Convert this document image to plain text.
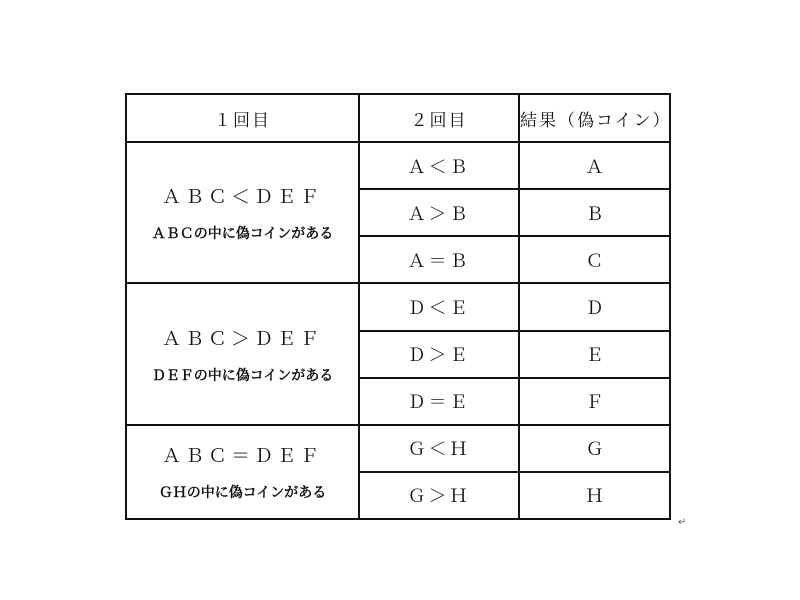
１回目	２回目	結果（偽コイン）

ＡＢＣ＜ＤＥＦ
ＡＢＣの中に偽コインがある	Ａ＜Ｂ	Ａ
	Ａ＞Ｂ	Ｂ
	Ａ＝Ｂ	Ｃ

ＡＢＣ＞ＤＥＦ
ＤＥＦの中に偽コインがある	Ｄ＜Ｅ	Ｄ
	Ｄ＞Ｅ	Ｅ
	Ｄ＝Ｅ	Ｆ

ＡＢＣ＝ＤＥＦ
ＧＨの中に偽コインがある	Ｇ＜Ｈ	Ｇ
	Ｇ＞Ｈ	Ｈ
↵
